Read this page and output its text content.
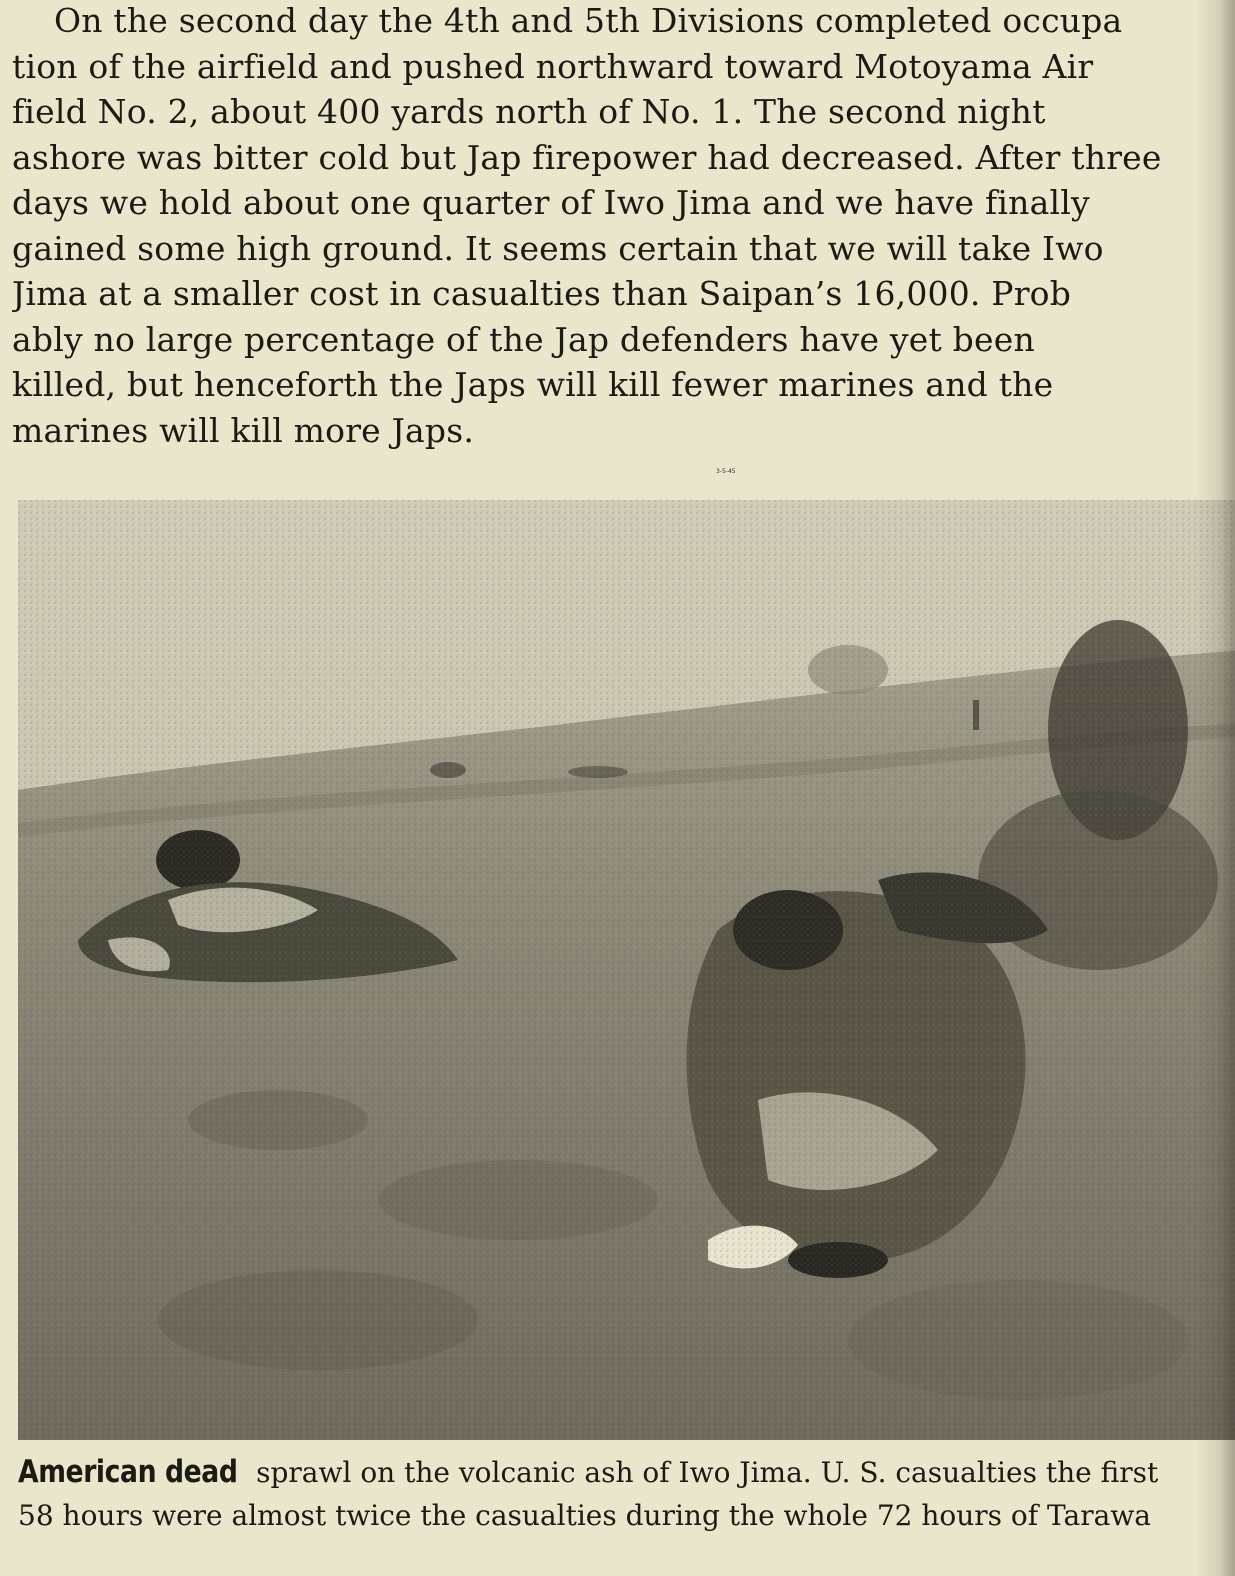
On the second day the 4th and 5th Divisions completed occupa
tion of the airfield and pushed northward toward Motoyama Air
field No. 2, about 400 yards north of No. 1. The second night
ashore was bitter cold but Jap firepower had decreased. After three
days we hold about one quarter of Iwo Jima and we have finally
gained some high ground. It seems certain that we will take Iwo
Jima at a smaller cost in casualties than Saipan’s 16,000. Prob
ably no large percentage of the Jap defenders have yet been
killed, but henceforth the Japs will kill fewer marines and the
marines will kill more Japs.
3-5-45
American dead sprawl on the volcanic ash of Iwo Jima. U. S. casualties the first
58 hours were almost twice the casualties during the whole 72 hours of Tarawa
